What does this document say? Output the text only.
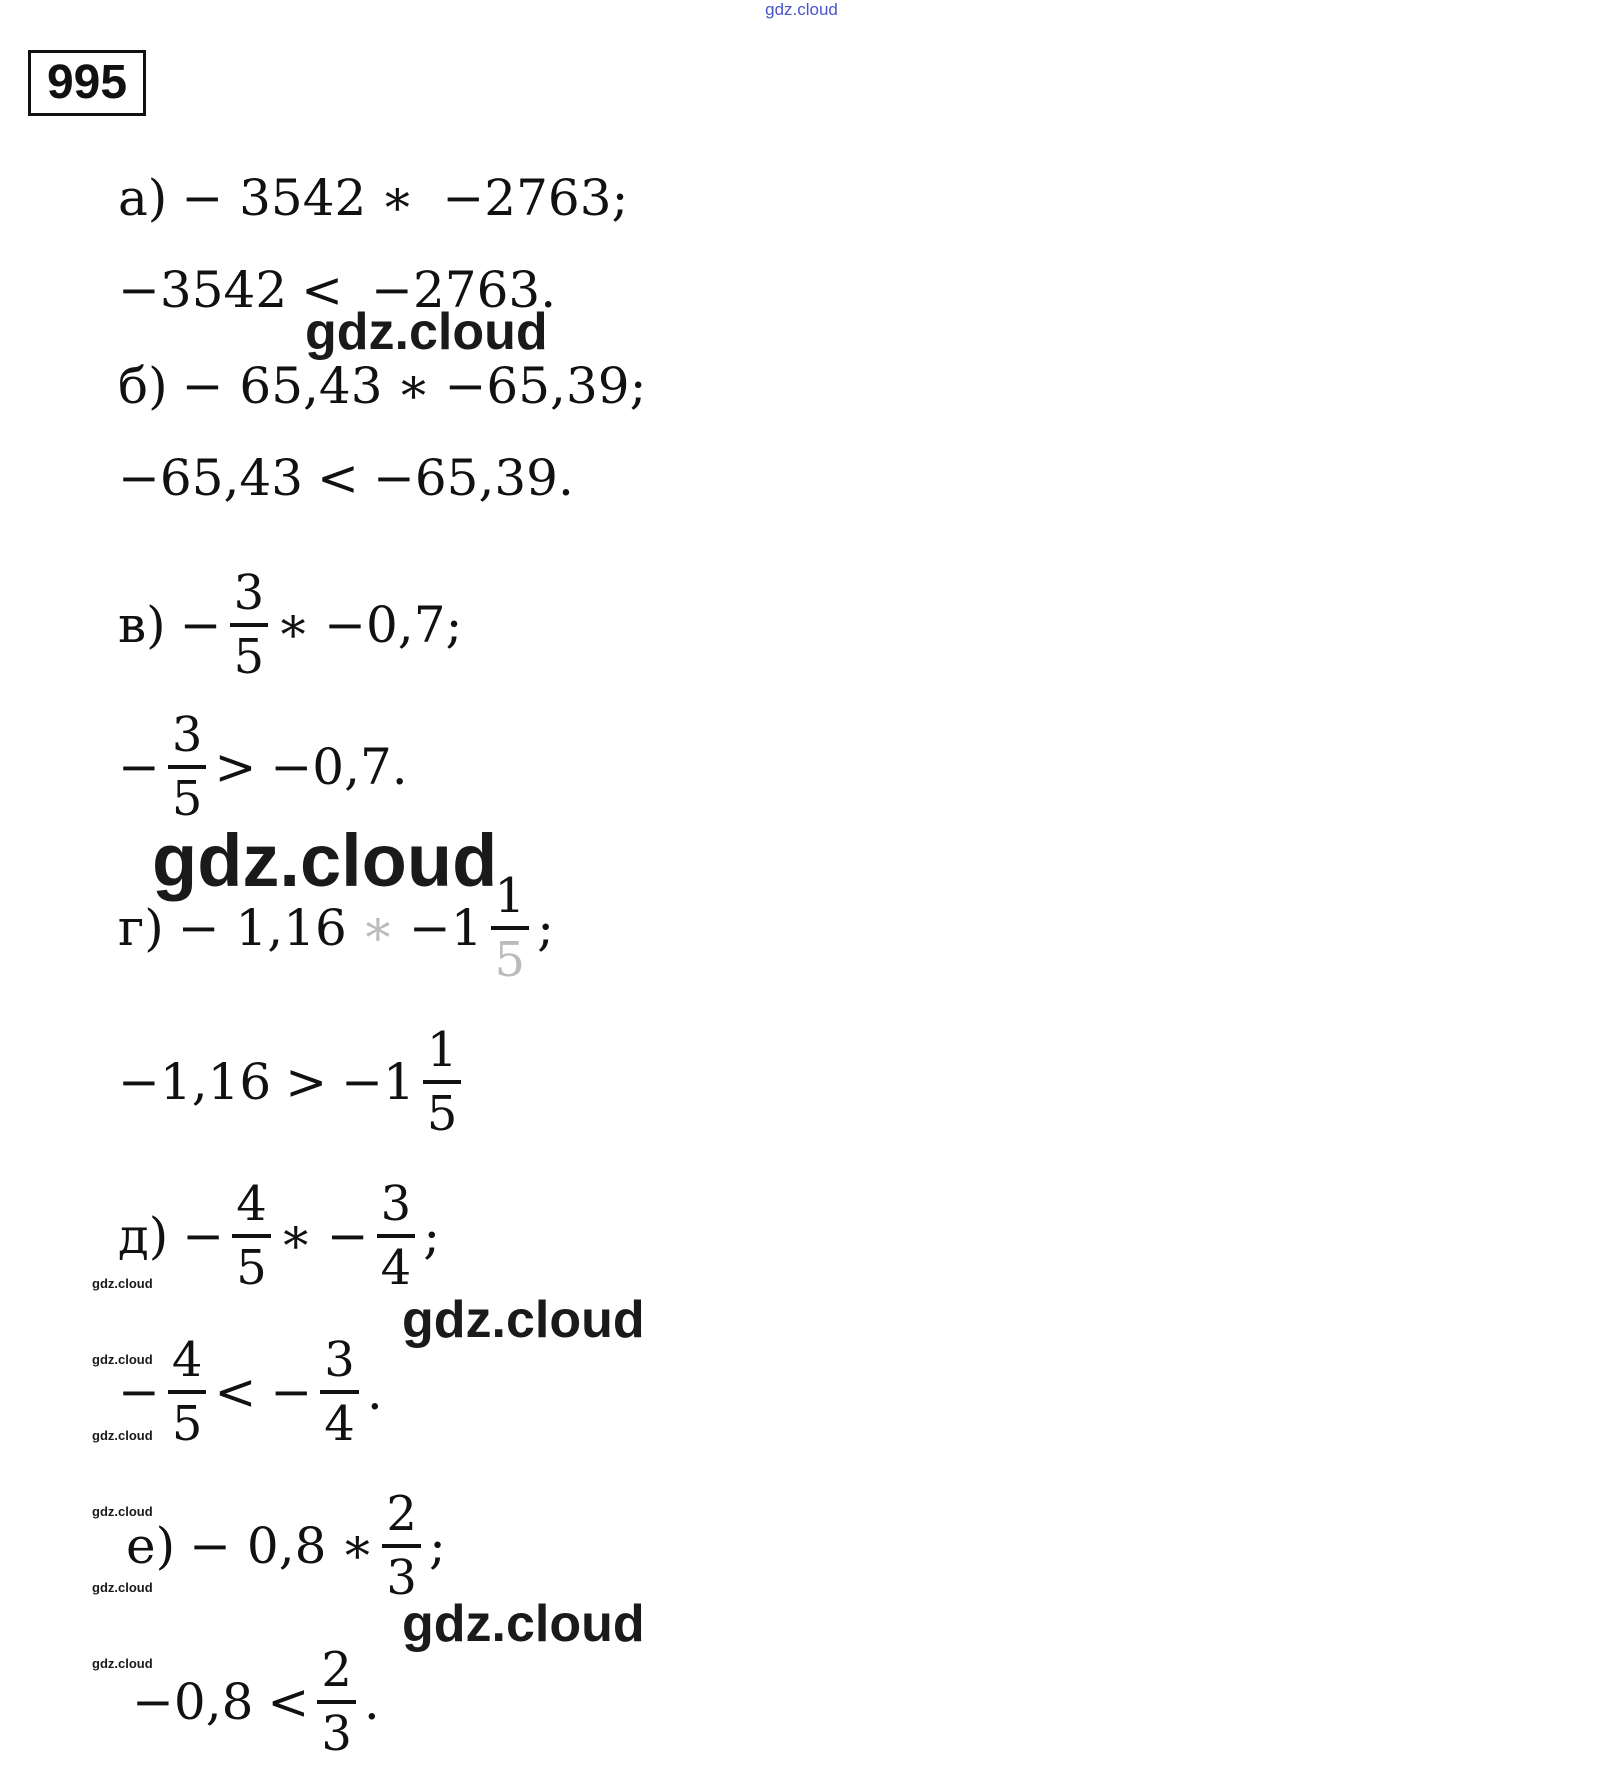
gdz.cloud
995
а) − 3542 ∗ −2763;
−3542 < −2763.
gdz.cloud
б) − 65,43 ∗ −65,39;
−65,43 < −65,39.
$в) - \frac{3}{5}$ ∗ −0,7;
− $\frac{3}{5} > -0,7$.
г) − 1,16 ∗ $-1 \frac{1}{5}$ ;
gdz.cloud
$-1,16 > -1 \frac{1}{5}$
$д) - \frac{4}{5}$ ∗ − $\frac{3}{4}$ ;
gdz.cloud
− $\frac{4}{5}$ < − $\frac{3}{4}$ .
е) − 0,8 ∗ $\frac{2}{3}$ ;
gdz.cloud
$-0,8 < \frac{2}{3}$ .
gdz.cloud
gdz.cloud
gdz.cloud
gdz.cloud
gdz.cloud
gdz.cloud
